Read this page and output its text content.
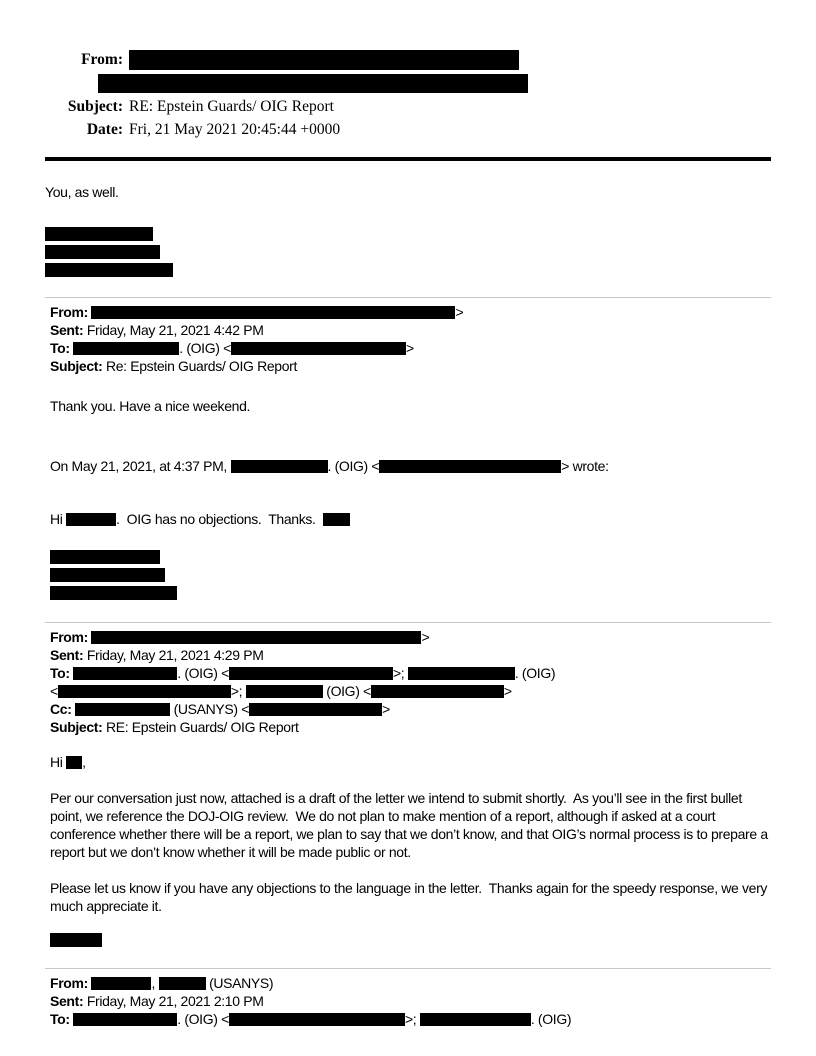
From:
Subject: RE: Epstein Guards/ OIG Report
Date: Fri, 21 May 2021 20:45:44 +0000
You, as well.
From:	>
Sent: Friday, May 21, 2021 4:42 PM
To:	. (OIG) <	>
Subject: Re: Epstein Guards/ OIG Report
Thank you. Have a nice weekend.
On May 21, 2021, at 4:37 PM,	. (OIG) <	> wrote:
Hi	.  OIG has no objections.  Thanks.
From:	>
Sent: Friday, May 21, 2021 4:29 PM
To:	. (OIG) <	>;	. (OIG)
<	>;	(OIG) <	>
Cc:	(USANYS) <	>
Subject: RE: Epstein Guards/ OIG Report
Hi ,
Per our conversation just now, attached is a draft of the letter we intend to submit shortly.  As you’ll see in the first bullet point, we reference the DOJ-OIG review.  We do not plan to make mention of a report, although if asked at a court conference whether there will be a report, we plan to say that we don’t know, and that OIG’s normal process is to prepare a report but we don’t know whether it will be made public or not.
Please let us know if you have any objections to the language in the letter.  Thanks again for the speedy response, we very much appreciate it.
From:	,	(USANYS)
Sent: Friday, May 21, 2021 2:10 PM
To:	. (OIG) <	>;	. (OIG)
